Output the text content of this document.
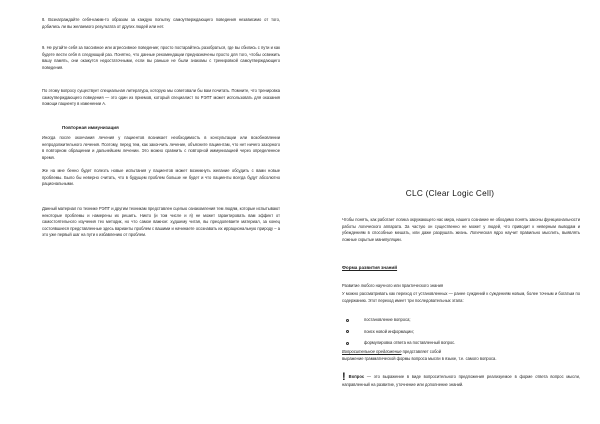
8. Вознаграждайте себя-каким-то образом за каждую попытку самоутверждающего поведения независимо от того, добились ли вы желаемого результата от других людей или нет.

9. Не ругайте себя за пассивное или агрессивное поведение; просто постарайтесь разобраться, где вы сбились с пути и как будете вести себя в следующий раз. Понятно, что данные рекомендации предназначены просто для того, чтобы освежить вашу память, они окажутся недостаточными, если вы раньше не были знакомы с тренировкой самоутверждающего поведения.

По этому вопросу существует специальная литература, которую мы советовали бы вам почитать. Помните, что тренировка самоутверждающего поведения — это один из приемов, который специалист по РЭПТ может использовать для оказания помощи пациенту в изменении А.

Повторная иммунизация

Иногда после окончания лечения у пациентов возникает необходимость в консультации или возобновлении непродолжительного лечения. Поэтому, перед тем, как закончить лечение, объясните пациентам, что нет ничего зазорного в повторном обращении и дальнейшем лечении. Это можно сравнить с повторной иммунизацией через определенное время.

Же на мне бенно будет полезть новые испытания у пациентов может возникнуть желание обсудить с вами новые проблемы. Было бы неверно считать, что в будущем проблем больше не будет и что пациенты всегда будут абсолютно рациональными.

Данный материал по технике РЭПТ и другим техникам представлен сцелью ознакомления тем людям, которые испытывают некоторые проблемы и намерены их решить. Никто (и том числе и я) не может гарантировать вам эффект от самостоятельного изучения тех методик, но что самое важное: худшему читая, вы преодолеваете материал, за конец состоявшиеся представленные здесь варианты проблем с вашими и начинаете осознавать их иррациональную природу – а это уже первый шаг на пути к избавлению от проблем.

CLC (Clear Logic Cell)

Чтобы понять, как работает логика окружающего нас мира, нашего сознание не обходимо понять законы функциональности работы логического аппарата. За частую он существенно не может у людей, что приводит к неверным выводам и убеждениям в способные мешать, или даже разрушать жизнь. Логическая ядро научит правильно мыслить, выявлять ложные скрытые манипуляции.

Форма развития знаний

Развитие любого научного или практического знания

У можно рассматривать как переход от установленных — ранее суждений к суждениям новым, более точным и богатым по содержанию. Этот переход имеет три последовательных этапа:

постановление вопроса;
поиск новой информации;
формулировка ответа на поставленный вопрос.

Вопросительное предложение представляет собой
выражение грамматической формы вопроса мысли в языке, т.е. самого вопроса.

! Вопрос — это выражение в виде вопросительного предложения реализуемое в форме ответа вопрос мысли, направленный на развитие, уточнение или дополнение знаний.
